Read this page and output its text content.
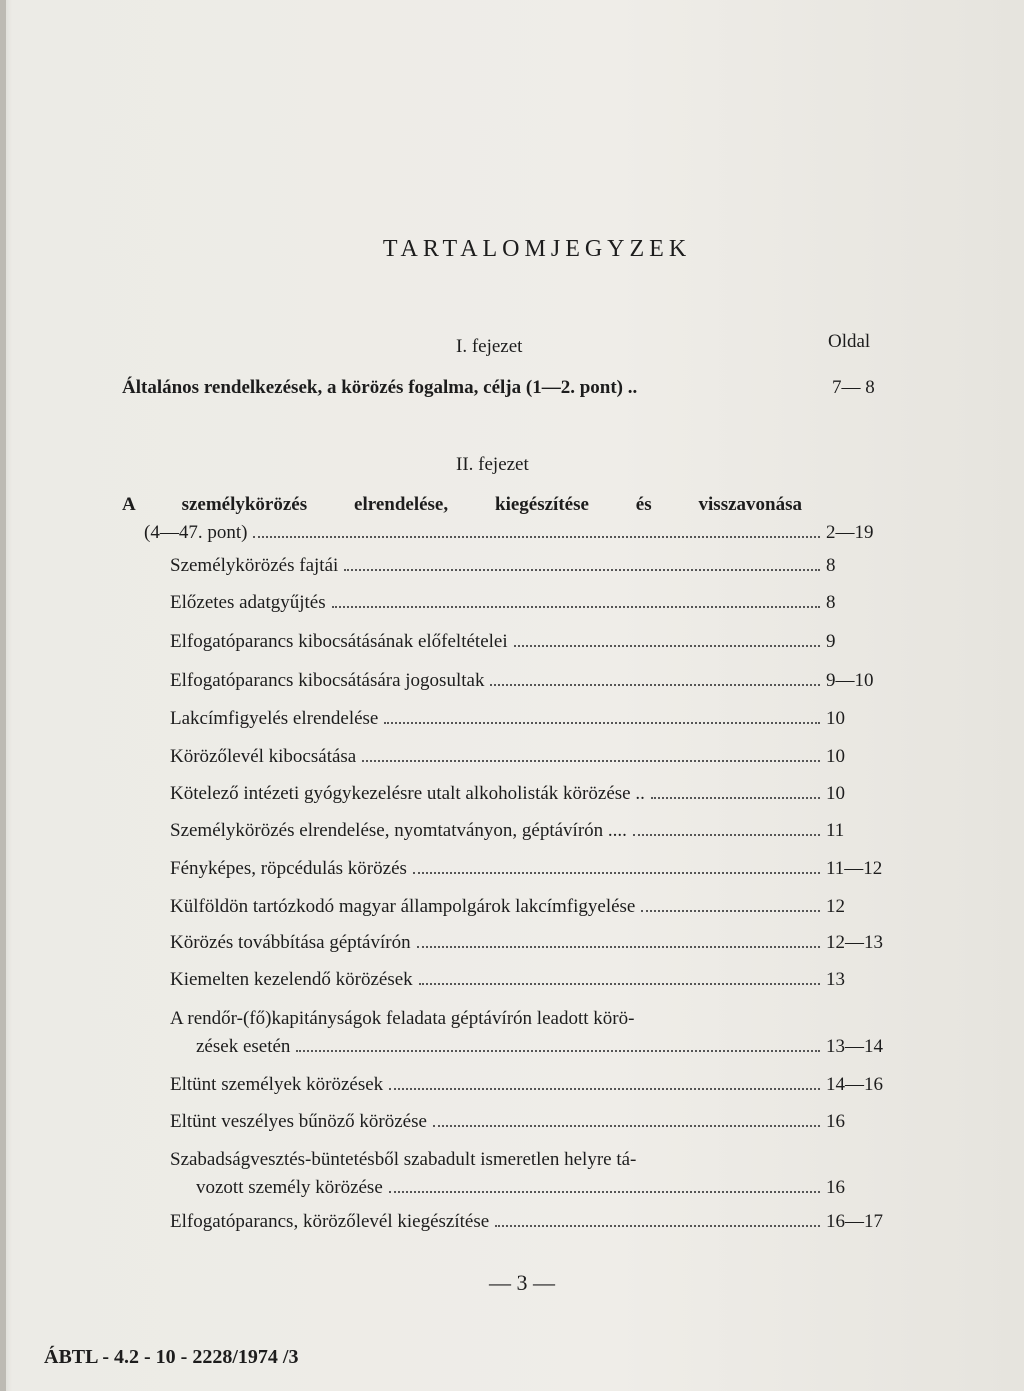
TARTALOMJEGYZEK
I. fejezet	Oldal
Általános rendelkezések, a körözés fogalma, célja (1—2. pont) ..	7— 8
II. fejezet
A személykörözés elrendelése, kiegészítése és visszavonása
(4—47. pont)	2—19
Személykörözés fajtái	8
Előzetes adatgyűjtés	8
Elfogatóparancs kibocsátásának előfeltételei	9
Elfogatóparancs kibocsátására jogosultak	9—10
Lakcímfigyelés elrendelése	10
Körözőlevél kibocsátása	10
Kötelező intézeti gyógykezelésre utalt alkoholisták körözése ..	10
Személykörözés elrendelése, nyomtatványon, géptávírón ....	11
Fényképes, röpcédulás körözés	11—12
Külföldön tartózkodó magyar állampolgárok lakcímfigyelése	12
Körözés továbbítása géptávírón	12—13
Kiemelten kezelendő körözések	13
A rendőr-(fő)kapitányságok feladata géptávírón leadott körö-
zések esetén	13—14
Eltünt személyek körözések	14—16
Eltünt veszélyes bűnöző körözése	16
Szabadságvesztés-büntetésből szabadult ismeretlen helyre tá-
vozott személy körözése	16
Elfogatóparancs, körözőlevél kiegészítése	16—17
— 3 —
ÁBTL - 4.2 - 10 - 2228/1974 /3
